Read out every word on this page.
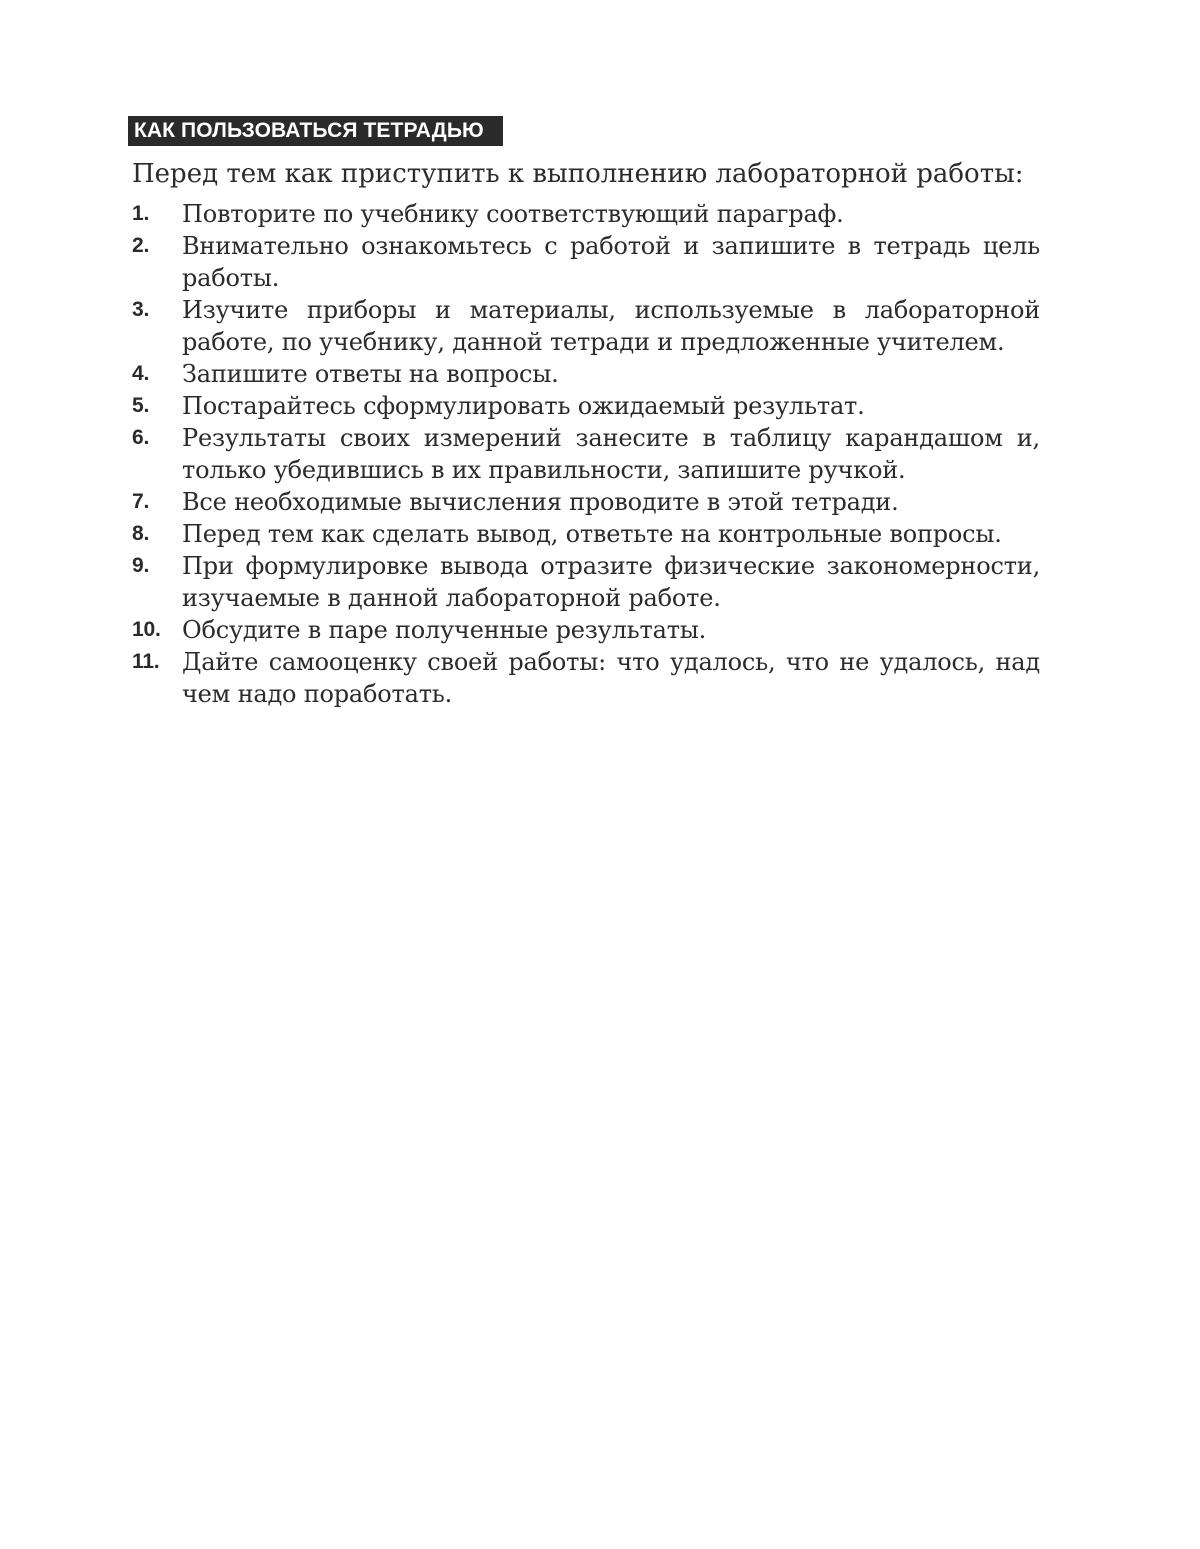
КАК ПОЛЬЗОВАТЬСЯ ТЕТРАДЬЮ
Перед тем как приступить к выполнению лабораторной работы:
1. Повторите по учебнику соответствующий параграф.
2. Внимательно ознакомьтесь с работой и запишите в тетрадь цель работы.
3. Изучите приборы и материалы, используемые в лабораторной работе, по учебнику, данной тетради и предложенные учителем.
4. Запишите ответы на вопросы.
5. Постарайтесь сформулировать ожидаемый результат.
6. Результаты своих измерений занесите в таблицу карандашом и, только убедившись в их правильности, запишите ручкой.
7. Все необходимые вычисления проводите в этой тетради.
8. Перед тем как сделать вывод, ответьте на контрольные вопросы.
9. При формулировке вывода отразите физические закономерности, изучаемые в данной лабораторной работе.
10. Обсудите в паре полученные результаты.
11. Дайте самооценку своей работы: что удалось, что не удалось, над чем надо поработать.
